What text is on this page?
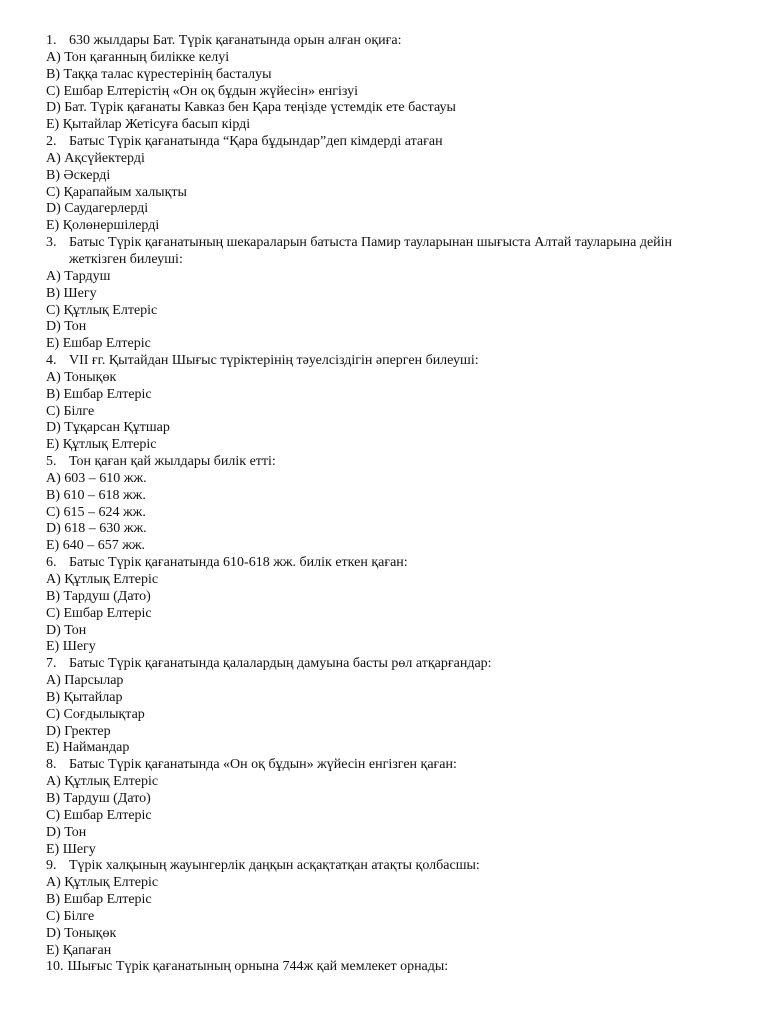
1. 630 жылдары Бат. Түрік қағанатында орын алған оқиға:
A) Тон қағанның билікке келуі
B) Таққа талас күрестерінің басталуы
C) Ешбар Елтерістің «Он оқ бұдын жүйесін» енгізуі
D) Бат. Түрік қағанаты Кавказ бен Қара теңізде үстемдік ете бастауы
E) Қытайлар Жетісуға басып кірді
2. Батыс Түрік қағанатында “Қара бұдындар”деп кімдерді атаған
A) Ақсүйектерді
B) Әскерді
C) Қарапайым халықты
D) Саудагерлерді
E) Қолөнершілерді
3. Батыс Түрік қағанатының шекараларын батыста Памир тауларынан шығыста Алтай тауларына дейін жеткізген билеуші:
A) Тардуш
B) Шегу
C) Құтлық Елтеріс
D) Тон
E) Ешбар Елтеріс
4. VII ғг. Қытайдан Шығыс түріктерінің тәуелсіздігін әперген билеуші:
A) Тонықөк
B) Ешбар Елтеріс
C) Білге
D) Тұқарсан Құтшар
E) Құтлық Елтеріс
5. Тон қаған қай жылдары билік етті:
A) 603 – 610 жж.
B) 610 – 618 жж.
C) 615 – 624 жж.
D) 618 – 630 жж.
E) 640 – 657 жж.
6. Батыс Түрік қағанатында 610-618 жж. билік еткен қаған:
A) Құтлық Елтеріс
B) Тардуш (Дато)
C) Ешбар Елтеріс
D) Тон
E) Шегу
7. Батыс Түрік қағанатында қалалардың дамуына басты рөл атқарғандар:
A) Парсылар
B) Қытайлар
C) Соғдылықтар
D) Гректер
E) Наймандар
8. Батыс Түрік қағанатында «Он оқ бұдын» жүйесін енгізген қаған:
A) Құтлық Елтеріс
B) Тардуш (Дато)
C) Ешбар Елтеріс
D) Тон
E) Шегу
9. Түрік халқының жауынгерлік даңқын асқақтатқан атақты қолбасшы:
A) Құтлық Елтеріс
B) Ешбар Елтеріс
C) Білге
D) Тонықөк
E) Қапаған
10. Шығыс Түрік қағанатының орнына 744ж қай мемлекет орнады:
